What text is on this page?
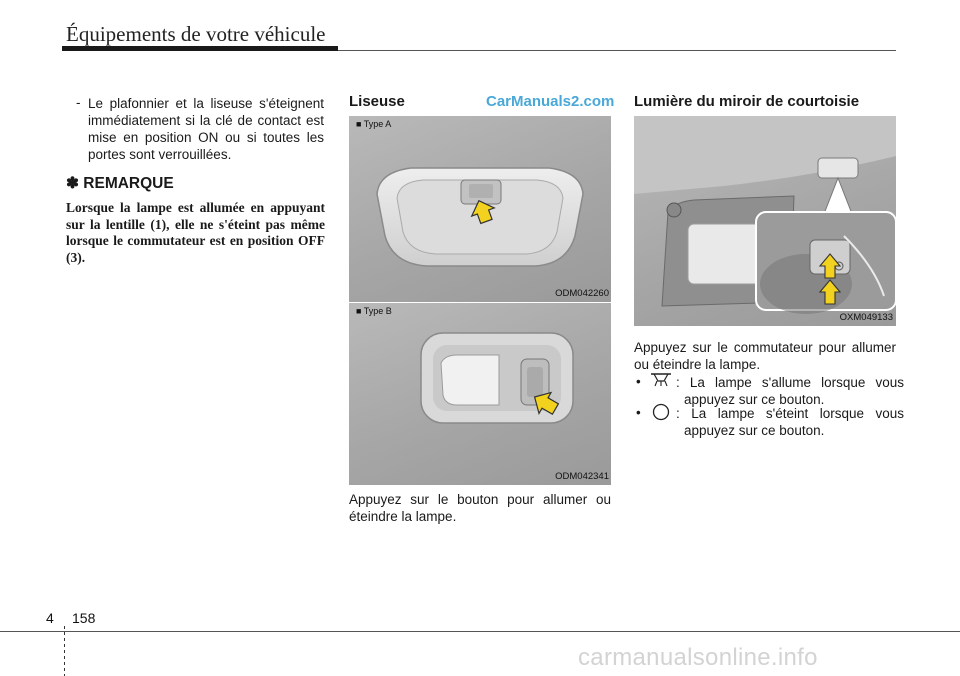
Équipements de votre véhicule
- Le plafonnier et la liseuse s'éteignent immédiatement si la clé de contact est mise en position ON ou si toutes les portes sont verrouillées.
✽ REMARQUE
Lorsque la lampe est allumée en appuyant sur la lentille (1), elle ne s'éteint pas même lorsque le commutateur est en position OFF (3).
Liseuse	CarManuals2.com
■ Type A
ODM042260
■ Type B
ODM042341
Appuyez sur le bouton pour allumer ou éteindre la lampe.
Lumière du miroir de courtoisie
OXM049133
Appuyez sur le commutateur pour allumer ou éteindre la lampe.
•	: La lampe s'allume lorsque vous appuyez sur ce bouton.
•	: La lampe s'éteint lorsque vous appuyez sur ce bouton.
4 158
carmanualsonline.info
